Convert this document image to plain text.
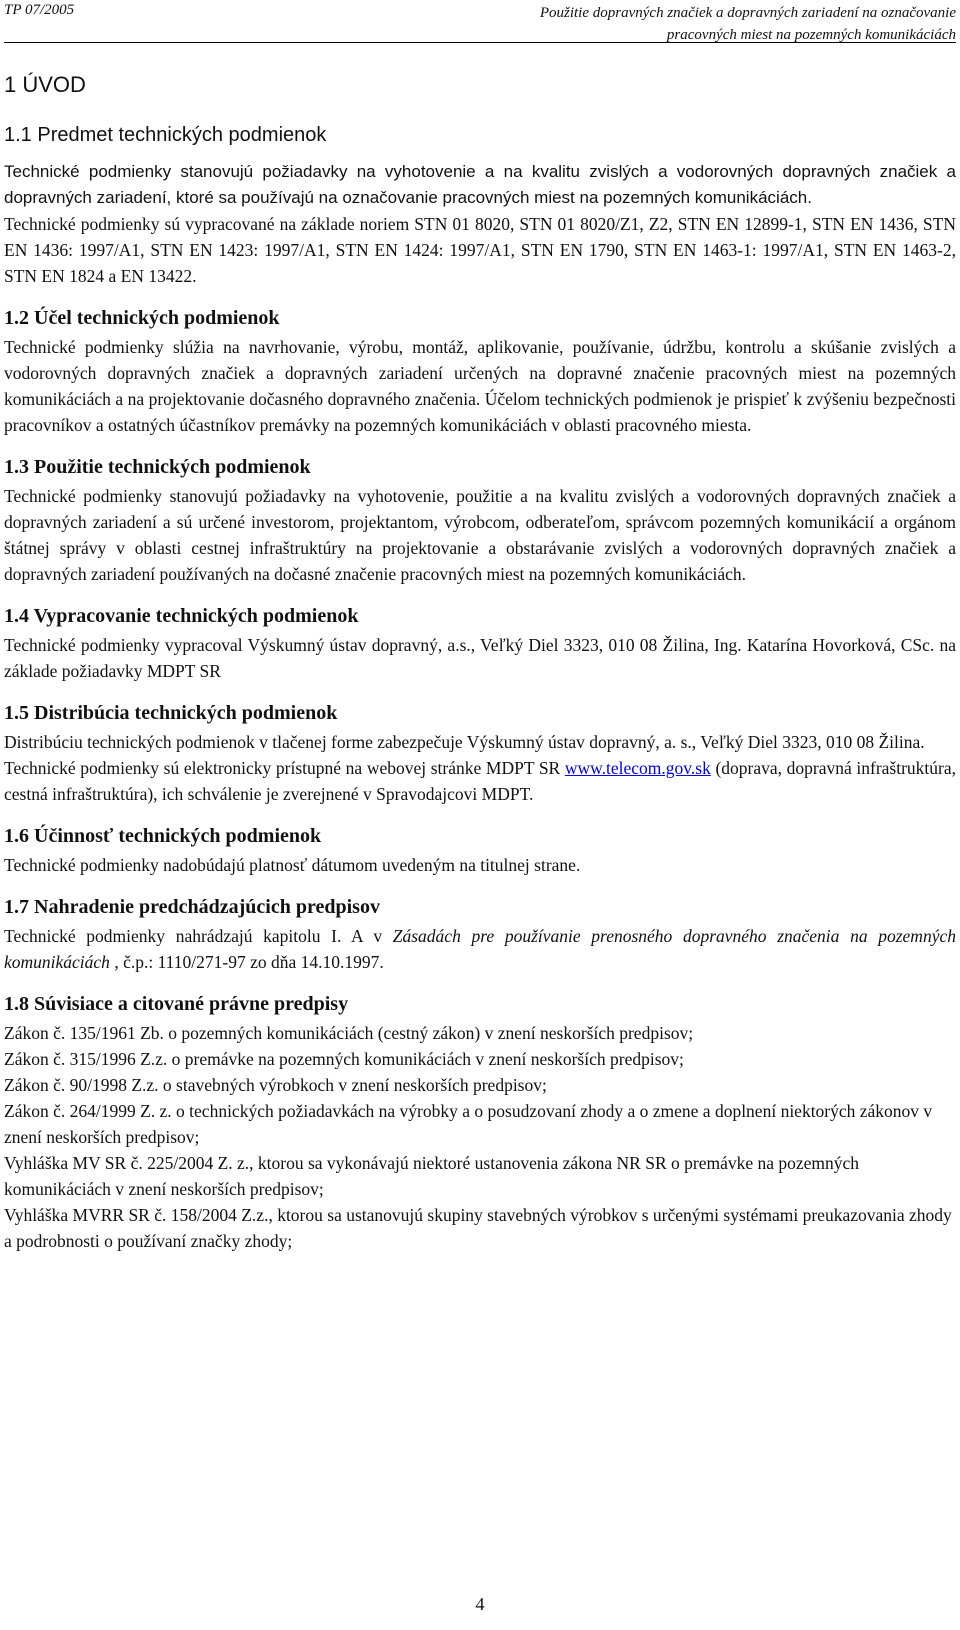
TP 07/2005	Použitie dopravných značiek a dopravných zariadení na označovanie
pracovných miest na pozemných komunikáciách
1 ÚVOD
1.1 Predmet technických podmienok

Technické podmienky stanovujú požiadavky na vyhotovenie a na kvalitu zvislých a vodorovných dopravných značiek a dopravných zariadení, ktoré sa používajú na označovanie pracovných miest na pozemných komunikáciách.

Technické podmienky sú vypracované na základe noriem STN 01 8020, STN 01 8020/Z1, Z2, STN EN 12899-1, STN EN 1436, STN EN 1436: 1997/A1, STN EN 1423: 1997/A1, STN EN 1424: 1997/A1, STN EN 1790, STN EN 1463-1: 1997/A1, STN EN 1463-2, STN EN 1824 a EN 13422.

1.2 Účel technických podmienok

Technické podmienky slúžia na navrhovanie, výrobu, montáž, aplikovanie, používanie, údržbu, kontrolu a skúšanie zvislých a vodorovných dopravných značiek a dopravných zariadení určených na dopravné značenie pracovných miest na pozemných komunikáciách a na projektovanie dočasného dopravného značenia. Účelom technických podmienok je prispieť k zvýšeniu bezpečnosti pracovníkov a ostatných účastníkov premávky na pozemných komunikáciách v oblasti pracovného miesta.

1.3 Použitie technických podmienok

Technické podmienky stanovujú požiadavky na vyhotovenie, použitie a na kvalitu zvislých a vodorovných dopravných značiek a dopravných zariadení a sú určené investorom, projektantom, výrobcom, odberateľom, správcom pozemných komunikácií a orgánom štátnej správy v oblasti cestnej infraštruktúry na projektovanie a obstarávanie zvislých a vodorovných dopravných značiek a dopravných zariadení používaných na dočasné značenie pracovných miest na pozemných komunikáciách.

1.4 Vypracovanie technických podmienok

Technické podmienky vypracoval Výskumný ústav dopravný, a.s., Veľký Diel 3323, 010 08 Žilina, Ing. Katarína Hovorková, CSc. na základe požiadavky MDPT SR

1.5 Distribúcia technických podmienok

Distribúciu technických podmienok v tlačenej forme zabezpečuje Výskumný ústav dopravný, a. s., Veľký Diel 3323, 010 08 Žilina.

Technické podmienky sú elektronicky prístupné na webovej stránke MDPT SR www.telecom.gov.sk (doprava, dopravná infraštruktúra, cestná infraštruktúra), ich schválenie je zverejnené v Spravodajcovi MDPT.

1.6 Účinnosť technických podmienok

Technické podmienky nadobúdajú platnosť dátumom uvedeným na titulnej strane.

1.7 Nahradenie predchádzajúcich predpisov

Technické podmienky nahrádzajú kapitolu I. A v Zásadách pre používanie prenosného dopravného značenia na pozemných komunikáciách , č.p.: 1110/271-97 zo dňa 14.10.1997.

1.8 Súvisiace a citované právne predpisy
Zákon č. 135/1961 Zb. o pozemných komunikáciách (cestný zákon) v znení neskorších predpisov;
Zákon č. 315/1996 Z.z. o premávke na pozemných komunikáciách v znení neskorších predpisov;
Zákon č. 90/1998 Z.z. o stavebných výrobkoch v znení neskorších predpisov;
Zákon č. 264/1999 Z. z. o technických požiadavkách na výrobky a o posudzovaní zhody a o zmene a doplnení niektorých zákonov v znení neskorších predpisov;
Vyhláška MV SR č. 225/2004 Z. z., ktorou sa vykonávajú niektoré ustanovenia zákona NR SR o premávke na pozemných komunikáciách v znení neskorších predpisov;
Vyhláška MVRR SR č. 158/2004 Z.z., ktorou sa ustanovujú skupiny stavebných výrobkov s určenými systémami preukazovania zhody a podrobnosti o používaní značky zhody;
4
